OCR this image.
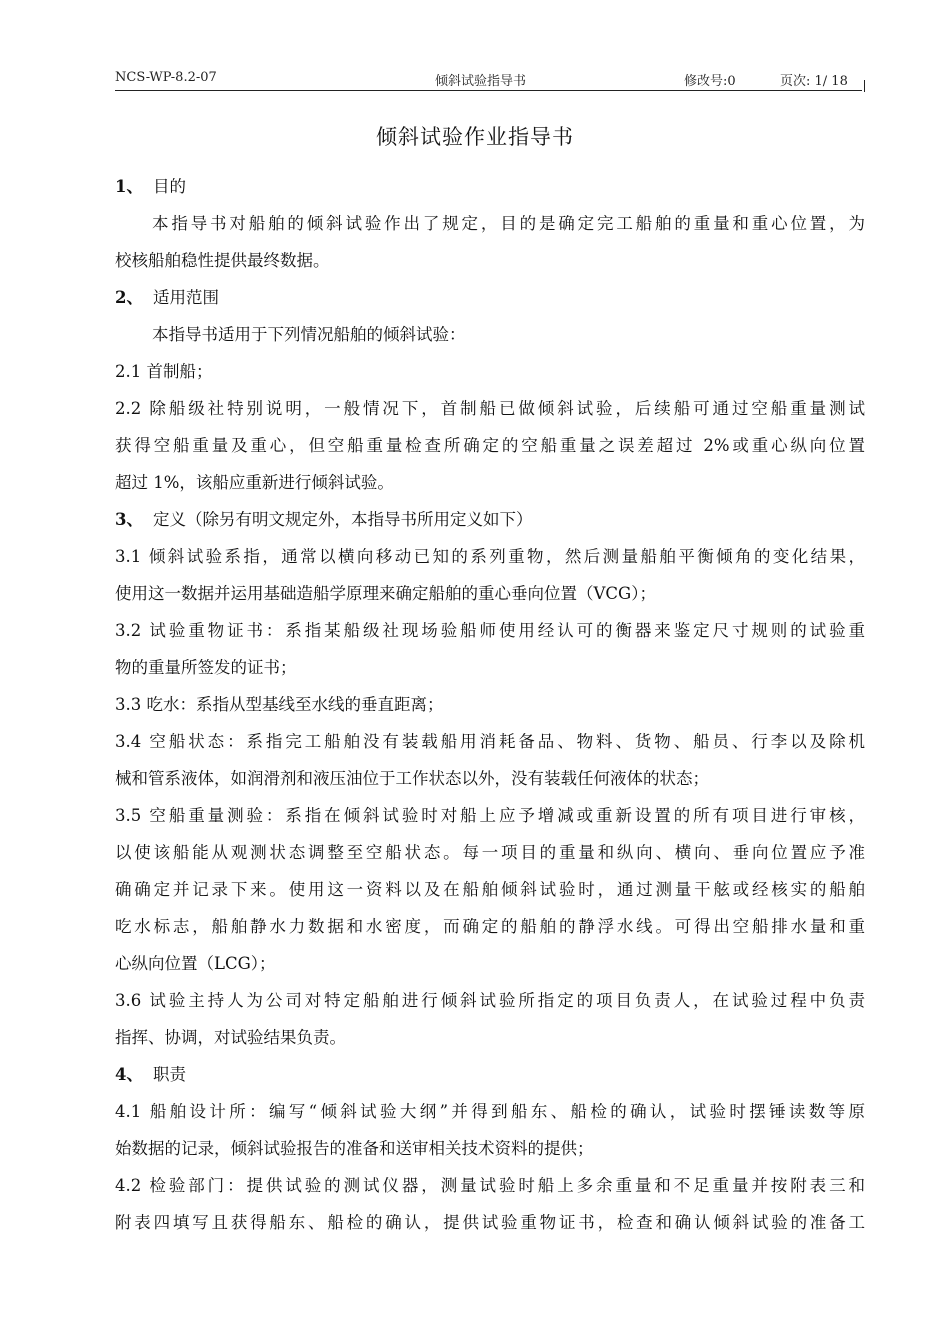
NCS-WP-8.2-07	倾斜试验指导书	修改号:0	页次: 1/ 18
倾斜试验作业指导书
1、 目的
本指导书对船舶的倾斜试验作出了规定，目的是确定完工船舶的重量和重心位置，为
校核船舶稳性提供最终数据。
2、 适用范围
本指导书适用于下列情况船舶的倾斜试验：
2.1 首制船；
2.2 除船级社特别说明，一般情况下，首制船已做倾斜试验，后续船可通过空船重量测试
获得空船重量及重心，但空船重量检查所确定的空船重量之误差超过 2%或重心纵向位置
超过 1%，该船应重新进行倾斜试验。
3、 定义（除另有明文规定外，本指导书所用定义如下）
3.1 倾斜试验系指，通常以横向移动已知的系列重物，然后测量船舶平衡倾角的变化结果，
使用这一数据并运用基础造船学原理来确定船舶的重心垂向位置（VCG）；
3.2 试验重物证书：系指某船级社现场验船师使用经认可的衡器来鉴定尺寸规则的试验重
物的重量所签发的证书；
3.3 吃水：系指从型基线至水线的垂直距离；
3.4 空船状态：系指完工船舶没有装载船用消耗备品、物料、货物、船员、行李以及除机
械和管系液体，如润滑剂和液压油位于工作状态以外，没有装载任何液体的状态；
3.5 空船重量测验：系指在倾斜试验时对船上应予增减或重新设置的所有项目进行审核，
以使该船能从观测状态调整至空船状态。每一项目的重量和纵向、横向、垂向位置应予准
确确定并记录下来。使用这一资料以及在船舶倾斜试验时，通过测量干舷或经核实的船舶
吃水标志，船舶静水力数据和水密度，而确定的船舶的静浮水线。可得出空船排水量和重
心纵向位置（LCG）；
3.6 试验主持人为公司对特定船舶进行倾斜试验所指定的项目负责人，在试验过程中负责
指挥、协调，对试验结果负责。
4、 职责
4.1 船舶设计所：编写“倾斜试验大纲”并得到船东、船检的确认，试验时摆锤读数等原
始数据的记录，倾斜试验报告的准备和送审相关技术资料的提供；
4.2 检验部门：提供试验的测试仪器，测量试验时船上多余重量和不足重量并按附表三和
附表四填写且获得船东、船检的确认，提供试验重物证书，检查和确认倾斜试验的准备工
